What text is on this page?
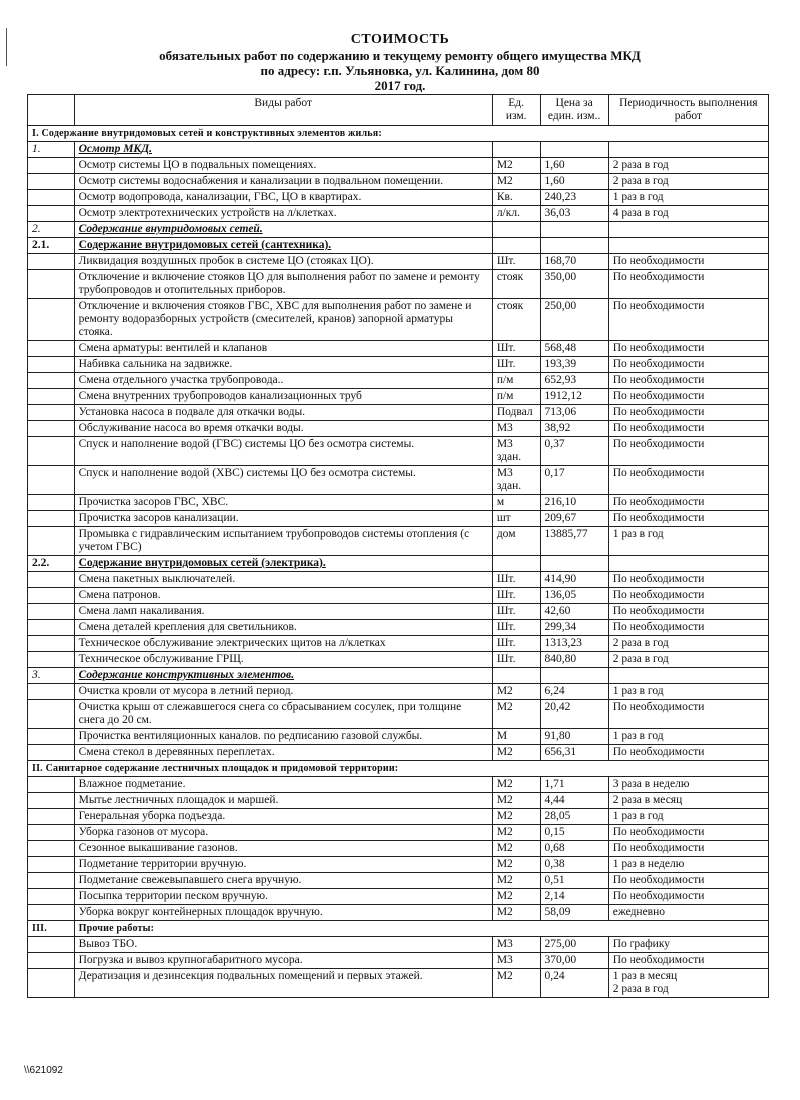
СТОИМОСТЬ
обязательных работ по содержанию и текущему ремонту общего имущества МКД
по адресу: г.п. Ульяновка, ул. Калинина, дом 80
2017 год.
	Виды работ	Ед. изм.	Цена за един. изм..	Периодичность выполнения работ
I. Содержание внутридомовых сетей и конструктивных элементов жилья:				
1.	Осмотр МКД.			
	Осмотр системы ЦО в подвальных помещениях.	М2	1,60	2 раза в год
	Осмотр системы водоснабжения и канализации в подвальном помещении.	М2	1,60	2 раза в год
	Осмотр водопровода, канализации, ГВС, ЦО в квартирах.	Кв.	240,23	1 раз в год
	Осмотр электротехнических устройств на л/клетках.	л/кл.	36,03	4 раза в год
2.	Содержание внутридомовых сетей.			
2.1.	Содержание внутридомовых сетей (сантехника).			
	Ликвидация воздушных пробок в системе ЦО (стояках ЦО).	Шт.	168,70	По необходимости
	Отключение и включение стояков ЦО для выполнения работ по замене и ремонту трубопроводов и отопительных приборов.	стояк	350,00	По необходимости
	Отключение и включения стояков ГВС, ХВС для выполнения работ по замене и ремонту водоразборных устройств (смесителей, кранов) запорной арматуры стояка.	стояк	250,00	По необходимости
	Смена арматуры: вентилей и клапанов	Шт.	568,48	По необходимости
	Набивка сальника на задвижке.	Шт.	193,39	По необходимости
	Смена отдельного участка трубопровода..	п/м	652,93	По необходимости
	Смена внутренних трубопроводов канализационных труб	п/м	1912,12	По необходимости
	Установка насоса в подвале для откачки воды.	Подвал	713,06	По необходимости
	Обслуживание насоса во время откачки воды.	М3	38,92	По необходимости
	Спуск и наполнение водой (ГВС) системы ЦО без осмотра системы.	М3 здан.	0,37	По необходимости
	Спуск и наполнение водой (ХВС) системы ЦО без осмотра системы.	М3 здан.	0,17	По необходимости
	Прочистка засоров ГВС, ХВС.	м	216,10	По необходимости
	Прочистка засоров канализации.	шт	209,67	По необходимости
	Промывка с гидравлическим испытанием трубопроводов системы отопления (с учетом ГВС)	дом	13885,77	1 раз в год
2.2.	Содержание внутридомовых сетей (электрика).			
	Смена пакетных выключателей.	Шт.	414,90	По необходимости
	Смена патронов.	Шт.	136,05	По необходимости
	Смена ламп накаливания.	Шт.	42,60	По необходимости
	Смена деталей крепления для светильников.	Шт.	299,34	По необходимости
	Техническое обслуживание электрических щитов на л/клетках	Шт.	1313,23	2 раза в год
	Техническое обслуживание ГРЩ.	Шт.	840,80	2 раза в год
3.	Содержание конструктивных элементов.			
	Очистка кровли от мусора в летний период.	М2	6,24	1 раз в год
	Очистка крыш от слежавшегося снега со сбрасыванием сосулек, при толщине снега до 20 см.	М2	20,42	По необходимости
	Прочистка вентиляционных каналов. по редписанию газовой службы.	М	91,80	1 раз в год
	Смена стекол в деревянных переплетах.	М2	656,31	По необходимости
II. Санитарное содержание лестничных площадок и придомовой территории:				
	Влажное подметание.	М2	1,71	3 раза в неделю
	Мытье лестничных площадок и маршей.	М2	4,44	2 раза в месяц
	Генеральная уборка подъезда.	М2	28,05	1 раз в год
	Уборка газонов от мусора.	М2	0,15	По необходимости
	Сезонное выкашивание газонов.	М2	0,68	По необходимости
	Подметание территории вручную.	М2	0,38	1 раз в неделю
	Подметание свежевыпавшего снега вручную.	М2	0,51	По необходимости
	Посыпка территории песком вручную.	М2	2,14	По необходимости
	Уборка вокруг контейнерных площадок вручную.	М2	58,09	ежедневно
III.	Прочие работы:			
	Вывоз ТБО.	М3	275,00	По графику
	Погрузка и вывоз крупногабаритного мусора.	М3	370,00	По необходимости
	Дератизация и дезинсекция подвальных помещений и первых этажей.	М2	0,24	1 раз в месяц
2 раза в год
\\621092
